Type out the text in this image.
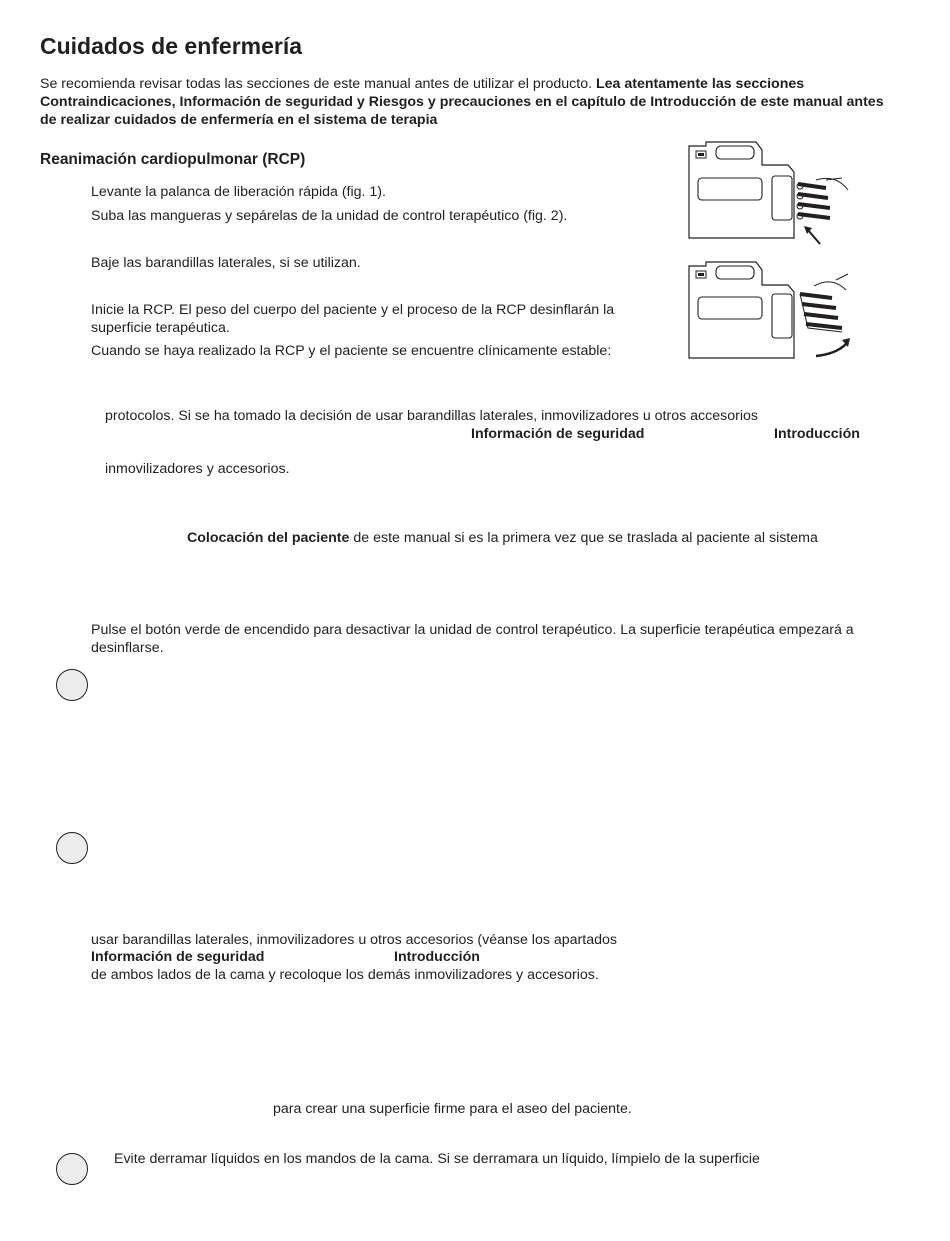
Cuidados de enfermería
Se recomienda revisar todas las secciones de este manual antes de utilizar el producto. Lea atentamente las secciones Contraindicaciones, Información de seguridad y Riesgos y precauciones en el capítulo de Introducción de este manual antes de realizar cuidados de enfermería en el sistema de terapia
Reanimación cardiopulmonar (RCP)
Levante la palanca de liberación rápida (fig. 1).
Suba las mangueras y sepárelas de la unidad de control terapéutico (fig. 2).
Baje las barandillas laterales, si se utilizan.
Inicie la RCP. El peso del cuerpo del paciente y el proceso de la RCP desinflarán la superficie terapéutica.
Cuando se haya realizado la RCP y el paciente se encuentre clínicamente estable:
protocolos. Si se ha tomado la decisión de usar barandillas laterales, inmovilizadores u otros accesorios
Información de seguridad	Introducción
inmovilizadores y accesorios.
Colocación del paciente de este manual si es la primera vez que se traslada al paciente al sistema
Pulse el botón verde de encendido para desactivar la unidad de control terapéutico. La superficie terapéutica empezará a desinflarse.
usar barandillas laterales, inmovilizadores u otros accesorios (véanse los apartados
Información de seguridad	Introducción
de ambos lados de la cama y recoloque los demás inmovilizadores y accesorios.
para crear una superficie firme para el aseo del paciente.
Evite derramar líquidos en los mandos de la cama. Si se derramara un líquido, límpielo de la superficie
